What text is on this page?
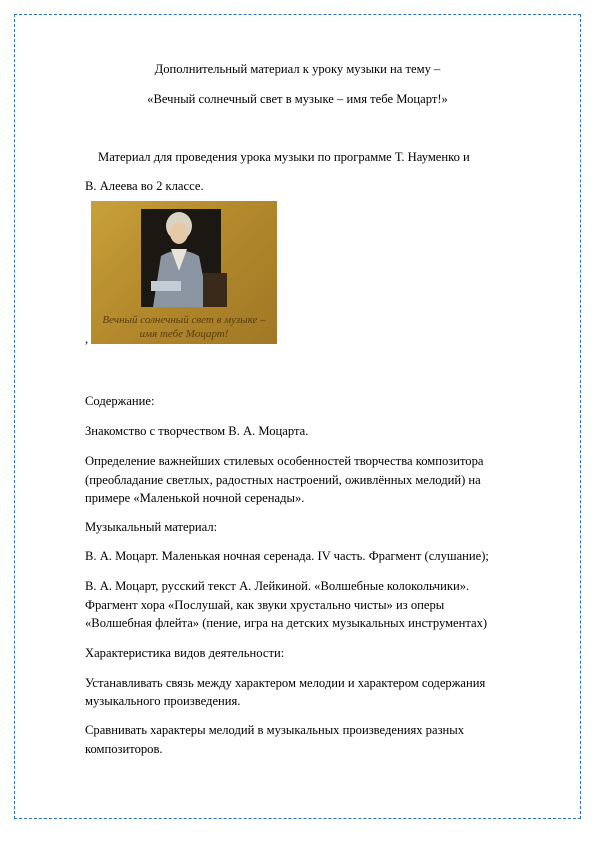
Дополнительный материал к уроку музыки на тему –
«Вечный солнечный свет в музыке – имя тебе Моцарт!»
Материал для проведения урока музыки по программе Т. Науменко и
В. Алеева во 2 классе.
Вечный солнечный свет в музыке –
имя тебе Моцарт!
,
Содержание:
Знакомство с творчеством В. А. Моцарта.
Определение важнейших стилевых особенностей творчества композитора
(преобладание светлых, радостных настроений, оживлённых мелодий) на
примере «Маленькой ночной серенады».
Музыкальный материал:
В. А. Моцарт. Маленькая ночная серенада. IV часть. Фрагмент (слушание);
В. А. Моцарт, русский текст А. Лейкиной. «Волшебные колокольчики».
Фрагмент хора «Послушай, как звуки хрустально чисты» из оперы
«Волшебная флейта» (пение, игра на детских музыкальных инструментах)
Характеристика видов деятельности:
Устанавливать связь между характером мелодии и характером содержания
музыкального произведения.
Сравнивать характеры мелодий в музыкальных произведениях разных
композиторов.
